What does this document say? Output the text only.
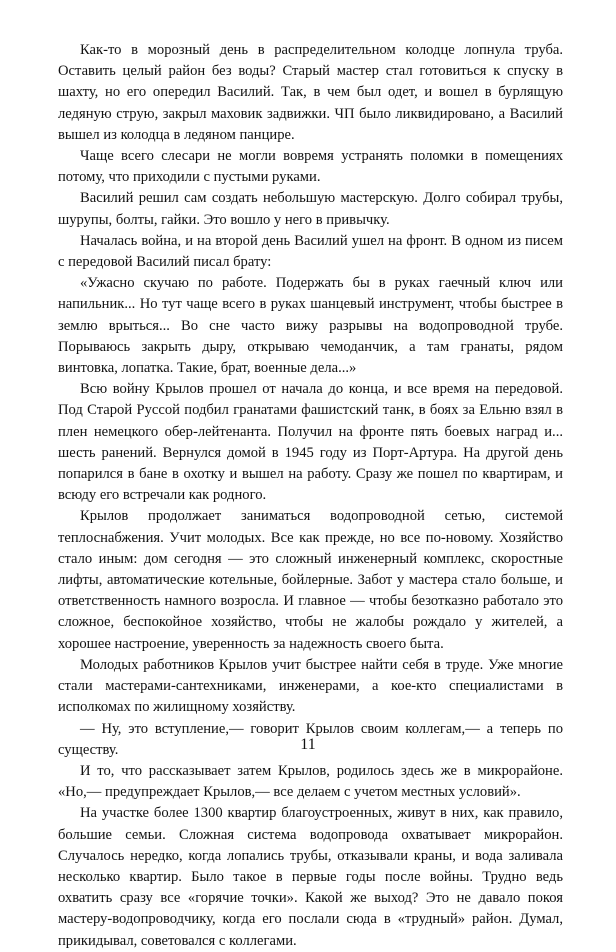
Как-то в морозный день в распределительном колодце лопнула труба. Оставить целый район без воды? Старый мастер стал готовиться к спуску в шахту, но его опередил Василий. Так, в чем был одет, и вошел в бурлящую ледяную струю, закрыл маховик задвижки. ЧП было ликвидировано, а Василий вышел из колодца в ледяном панцире.

Чаще всего слесари не могли вовремя устранять поломки в помещениях потому, что приходили с пустыми руками.

Василий решил сам создать небольшую мастерскую. Долго собирал трубы, шурупы, болты, гайки. Это вошло у него в привычку.

Началась война, и на второй день Василий ушел на фронт. В одном из писем с передовой Василий писал брату:

«Ужасно скучаю по работе. Подержать бы в руках гаечный ключ или напильник... Но тут чаще всего в руках шанцевый инструмент, чтобы быстрее в землю врыться... Во сне часто вижу разрывы на водопроводной трубе. Порываюсь закрыть дыру, открываю чемоданчик, а там гранаты, рядом винтовка, лопатка. Такие, брат, военные дела...»

Всю войну Крылов прошел от начала до конца, и все время на передовой. Под Старой Руссой подбил гранатами фашистский танк, в боях за Ельню взял в плен немецкого обер-лейтенанта. Получил на фронте пять боевых наград и... шесть ранений. Вернулся домой в 1945 году из Порт-Артура. На другой день попарился в бане в охотку и вышел на работу. Сразу же пошел по квартирам, и всюду его встречали как родного.

Крылов продолжает заниматься водопроводной сетью, системой теплоснабжения. Учит молодых. Все как прежде, но все по-новому. Хозяйство стало иным: дом сегодня — это сложный инженерный комплекс, скоростные лифты, автоматические котельные, бойлерные. Забот у мастера стало больше, и ответственность намного возросла. И главное — чтобы безотказно работало это сложное, беспокойное хозяйство, чтобы не жалобы рождало у жителей, а хорошее настроение, уверенность за надежность своего быта.

Молодых работников Крылов учит быстрее найти себя в труде. Уже многие стали мастерами-сантехниками, инженерами, а кое-кто специалистами в исполкомах по жилищному хозяйству.

— Ну, это вступление,— говорит Крылов своим коллегам,— а теперь по существу.

И то, что рассказывает затем Крылов, родилось здесь же в микрорайоне. «Но,— предупреждает Крылов,— все делаем с учетом местных условий».

На участке более 1300 квартир благоустроенных, живут в них, как правило, большие семьи. Сложная система водопровода охватывает микрорайон. Случалось нередко, когда лопались трубы, отказывали краны, и вода заливала несколько квартир. Было такое в первые годы после войны. Трудно ведь охватить сразу все «горячие точки». Какой же выход? Это не давало покоя мастеру-водопроводчику, когда его послали сюда в «трудный» район. Думал, прикидывал, советовался с коллегами.

11
